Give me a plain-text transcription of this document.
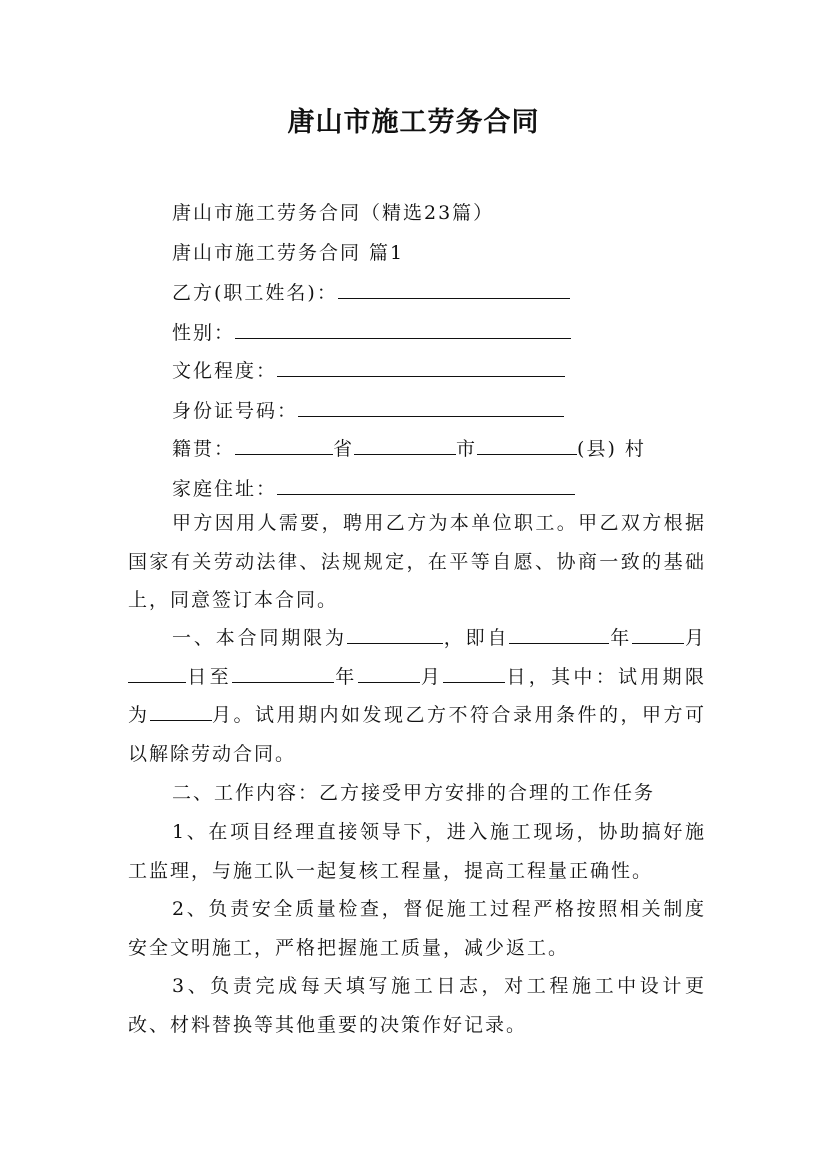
唐山市施工劳务合同
唐山市施工劳务合同（精选23篇）
唐山市施工劳务合同 篇1
乙方(职工姓名)：
性别：
文化程度：
身份证号码：
籍贯：	省	市	(县) 村
家庭住址：
甲方因用人需要，聘用乙方为本单位职工。甲乙双方根据国家有关劳动法律、法规规定，在平等自愿、协商一致的基础上，同意签订本合同。
一、本合同期限为	，即自	年	月日至	年	月	日，其中：试用期限为	月。试用期内如发现乙方不符合录用条件的，甲方可以解除劳动合同。
二、工作内容：乙方接受甲方安排的合理的工作任务
1、在项目经理直接领导下，进入施工现场，协助搞好施工监理，与施工队一起复核工程量，提高工程量正确性。
2、负责安全质量检查，督促施工过程严格按照相关制度安全文明施工，严格把握施工质量，减少返工。
3、负责完成每天填写施工日志，对工程施工中设计更改、材料替换等其他重要的决策作好记录。
